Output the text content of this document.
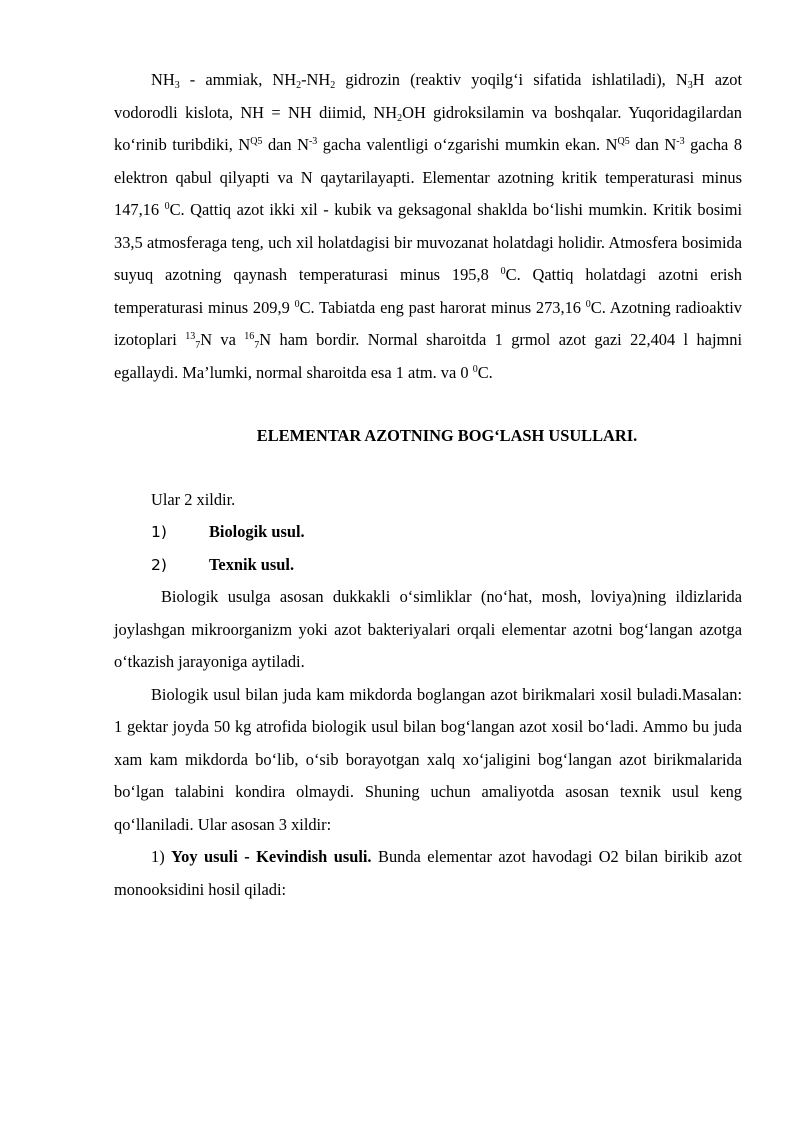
$NH_3$ - ammiak, $NH_2-NH_2$ gidrozin (reaktiv yoqilg‘i sifatida ishlatiladi), $N_3H$ azot vodorodli kislota, NH = NH diimid, $NH_2OH$ gidroksilamin va boshqalar. Yuqoridagilardan ko‘rinib turibdiki, $N^{Q5}$ dan $N^{-3}$ gacha valentligi o‘zgarishi mumkin ekan. $N^{Q5}$ dan $N^{-3}$ gacha 8 elektron qabul qilyapti va N qaytarilayapti. Elementar azotning kritik temperaturasi minus 147,16 $^0$C. Qattiq azot ikki xil - kubik va geksagonal shaklda bo‘lishi mumkin. Kritik bosimi 33,5 atmosferaga teng, uch xil holatdagisi bir muvozanat holatdagi holidir. Atmosfera bosimida suyuq azotning qaynash temperaturasi minus 195,8 $^0$C. Qattiq holatdagi azotni erish temperaturasi minus 209,9 $^0$C. Tabiatda eng past harorat minus 273,16 $^0$C. Azotning radioaktiv izotoplari $^{13}_7$N va $^{16}_7$N ham bordir. Normal sharoitda 1 grmol azot gazi 22,404 l hajmni egallaydi. Ma’lumki, normal sharoitda esa 1 atm. va 0 $^0$C.

ELEMENTAR AZOTNING BOG‘LASH USULLARI.

Ular 2 xildir.

1)	Biologik usul.
2)	Texnik usul.

Biologik usulga asosan dukkakli o‘simliklar (no‘hat, mosh, loviya)ning ildizlarida joylashgan mikroorganizm yoki azot bakteriyalari orqali elementar azotni bog‘langan azotga o‘tkazish jarayoniga aytiladi.

Biologik usul bilan juda kam mikdorda boglangan azot birikmalari xosil buladi.Masalan: 1 gektar joyda 50 kg atrofida biologik usul bilan bog‘langan azot xosil bo‘ladi. Ammo bu juda xam kam mikdorda bo‘lib, o‘sib borayotgan xalq xo‘jaligini bog‘langan azot birikmalarida bo‘lgan talabini kondira olmaydi. Shuning uchun amaliyotda asosan texnik usul keng qo‘llaniladi. Ular asosan 3 xildir:

1) Yoy usuli - Kevindish usuli. Bunda elementar azot havodagi O2 bilan birikib azot monooksidini hosil qiladi:
